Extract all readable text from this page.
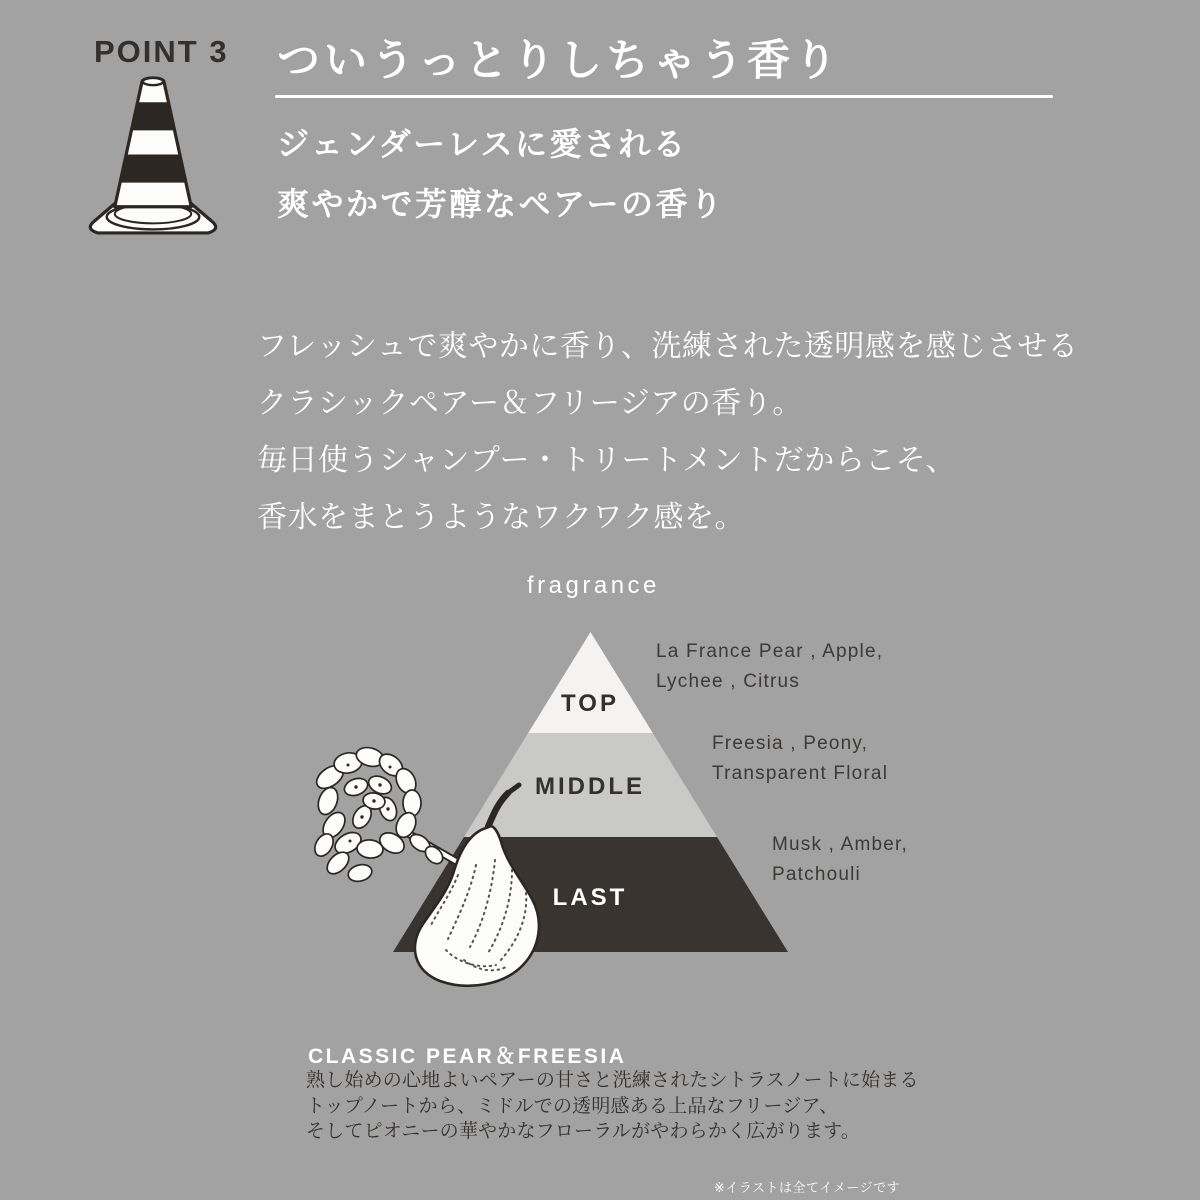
POINT 3 ついうっとりしちゃう香り
ジェンダーレスに愛される
爽やかで芳醇なペアーの香り
フレッシュで爽やかに香り、洗練された透明感を感じさせる
クラシックペアー＆フリージアの香り。
毎日使うシャンプー・トリートメントだからこそ、
香水をまとうようなワクワク感を。
fragrance
TOP
MIDDLE
LAST
La France Pear , Apple,
Lychee , Citrus
Freesia , Peony,
Transparent Floral
Musk , Amber,
Patchouli
CLASSIC PEAR＆FREESIA
熟し始めの心地よいペアーの甘さと洗練されたシトラスノートに始まる
トップノートから、ミドルでの透明感ある上品なフリージア、
そしてピオニーの華やかなフローラルがやわらかく広がります。
※イラストは全てイメージです
